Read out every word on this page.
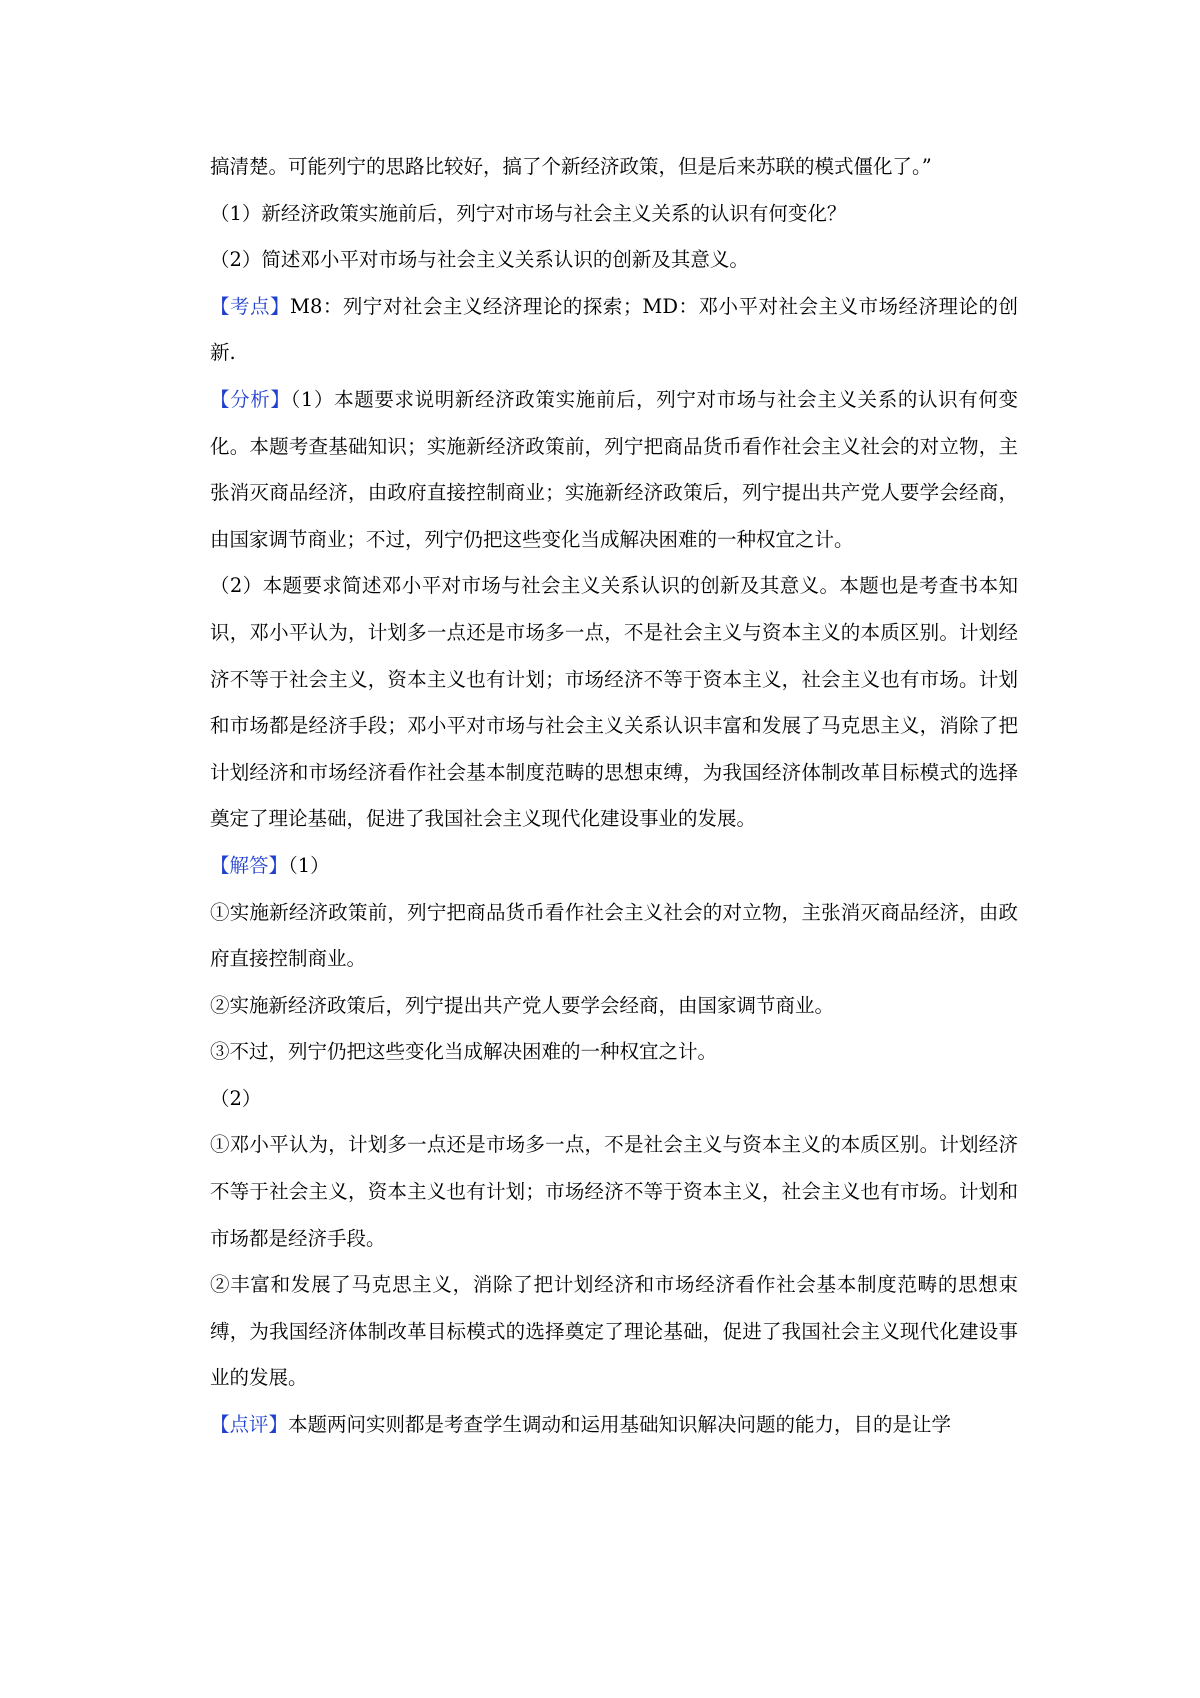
搞清楚。可能列宁的思路比较好，搞了个新经济政策，但是后来苏联的模式僵化了。”

（1）新经济政策实施前后，列宁对市场与社会主义关系的认识有何变化？

（2）简述邓小平对市场与社会主义关系认识的创新及其意义。

【考点】M8：列宁对社会主义经济理论的探索；MD：邓小平对社会主义市场经济理论的创新.

【分析】（1）本题要求说明新经济政策实施前后，列宁对市场与社会主义关系的认识有何变化。本题考查基础知识；实施新经济政策前，列宁把商品货币看作社会主义社会的对立物，主张消灭商品经济，由政府直接控制商业；实施新经济政策后，列宁提出共产党人要学会经商，由国家调节商业；不过，列宁仍把这些变化当成解决困难的一种权宜之计。

（2）本题要求简述邓小平对市场与社会主义关系认识的创新及其意义。本题也是考查书本知识，邓小平认为，计划多一点还是市场多一点，不是社会主义与资本主义的本质区别。计划经济不等于社会主义，资本主义也有计划；市场经济不等于资本主义，社会主义也有市场。计划和市场都是经济手段；邓小平对市场与社会主义关系认识丰富和发展了马克思主义，消除了把计划经济和市场经济看作社会基本制度范畴的思想束缚，为我国经济体制改革目标模式的选择奠定了理论基础，促进了我国社会主义现代化建设事业的发展。

【解答】（1）

①实施新经济政策前，列宁把商品货币看作社会主义社会的对立物，主张消灭商品经济，由政府直接控制商业。

②实施新经济政策后，列宁提出共产党人要学会经商，由国家调节商业。

③不过，列宁仍把这些变化当成解决困难的一种权宜之计。

（2）

①邓小平认为，计划多一点还是市场多一点，不是社会主义与资本主义的本质区别。计划经济不等于社会主义，资本主义也有计划；市场经济不等于资本主义，社会主义也有市场。计划和市场都是经济手段。

②丰富和发展了马克思主义，消除了把计划经济和市场经济看作社会基本制度范畴的思想束缚，为我国经济体制改革目标模式的选择奠定了理论基础，促进了我国社会主义现代化建设事业的发展。

【点评】本题两问实则都是考查学生调动和运用基础知识解决问题的能力，目的是让学
